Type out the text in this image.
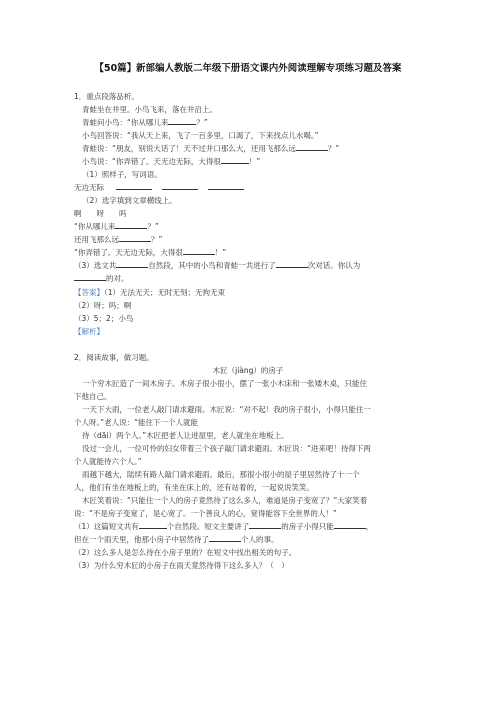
【50篇】新部编人教版二年级下册语文课内外阅读理解专项练习题及答案
1．重点段落品析。
青蛙坐在井里。小鸟飞来，落在井沿上。
青蛙问小鸟：“你从哪儿来	？”
小鸟回答说：“我从天上来，飞了一百多里，口渴了，下来找点儿水喝。”
青蛙说：“朋友，别说大话了！天不过井口那么大，还用飞那么远	？”
小鸟说：“你弄错了。天无边无际，大得很	！”
（1）照样子，写词语。
无边无际
（2）选字填到文章横线上。
啊　　呀　　吗
“你从哪儿来	？”
还用飞那么远	？”
“你弄错了。天无边无际，大得很	！”
（3）选文共	自然段，其中的小鸟和青蛙一共进行了	次对话。你认为
的对。
【答案】（1）无法无天；无时无刻；无拘无束
（2）呀；吗；啊
（3）5；2；小鸟
【解析】
2．阅读故事，做习题。
木匠（jiàng）的房子
一个穷木匠造了一间木房子。木房子很小很小，摆了一张小木床和一张矮木桌，只能住
下他自己。
一天下大雨，一位老人敲门请求避雨。木匠说：“对不起！我的房子很小，小得只能住一
个人呀。”老人说：“能住下一个人就能
待（dāi）两个人。”木匠把老人让进屋里，老人就坐在地板上。
没过一会儿，一位可怜的妇女带着三个孩子敲门请求避雨。木匠说：“进来吧！待得下两
个人就能待六个人。”
雨越下越大，陆续有路人敲门请求避雨。最后，那很小很小的屋子里居然待了十一个
人，他们有坐在地板上的，有坐在床上的，还有站着的，一起说说笑笑。
木匠笑着说：“只能住一个人的房子竟然待了这么多人，难道是房子变宽了？”大家笑着
说：“不是房子变宽了，是心宽了。一个善良人的心，宽得能容下全世界的人！”
（1）这篇短文共有	个自然段。短文主要讲了	的房子小得只能	，
但在一个雨天里，他那小房子中居然待了	个人的事。
（2）这么多人是怎么待在小房子里的？在短文中找出相关的句子。
（3）为什么穷木匠的小房子在雨天竟然待得下这么多人？（　）
